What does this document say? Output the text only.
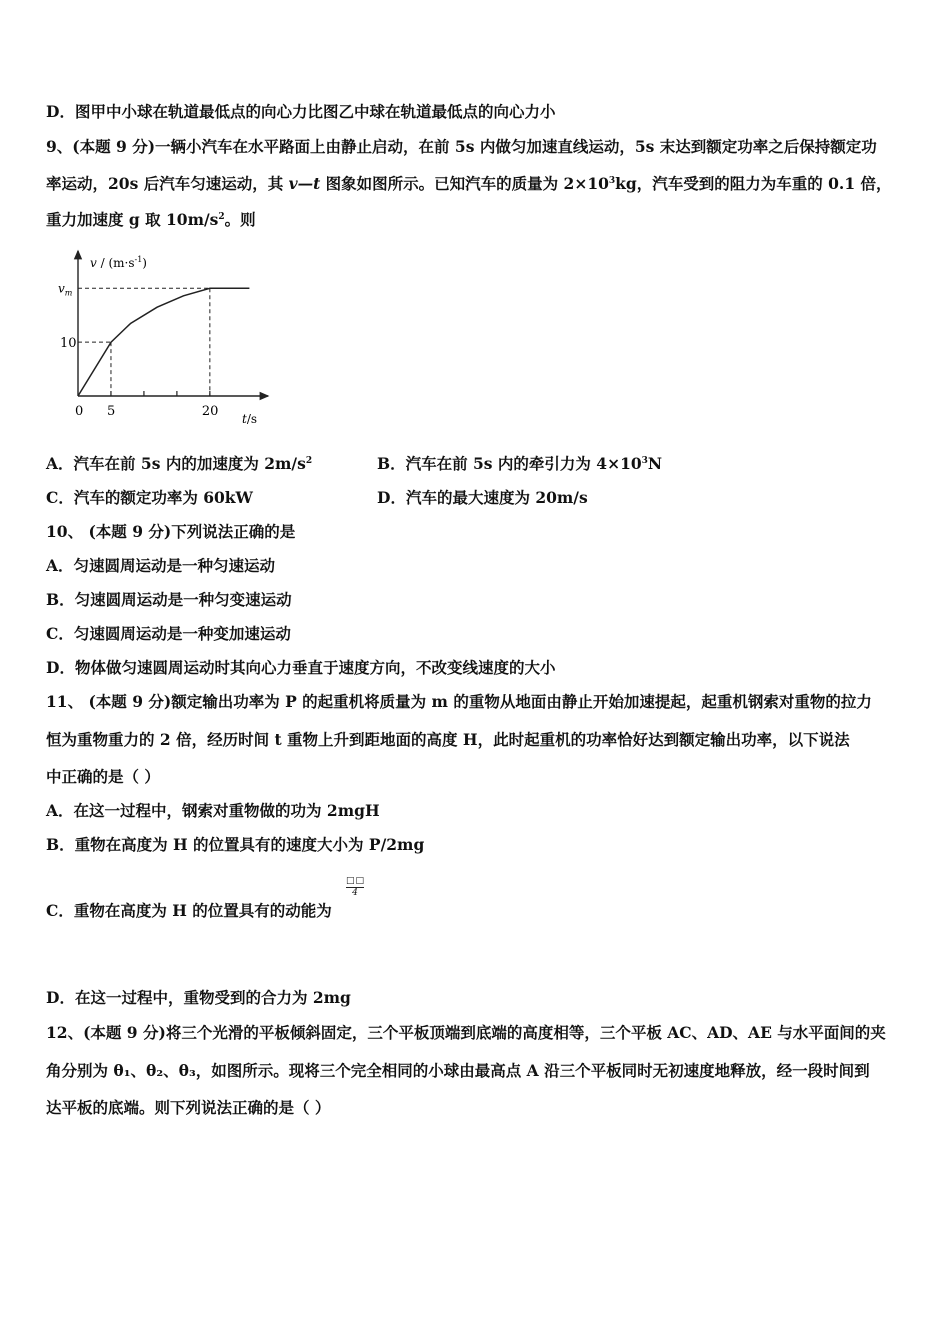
D．图甲中小球在轨道最低点的向心力比图乙中球在轨道最低点的向心力小
9、(本题 9 分)一辆小汽车在水平路面上由静止启动，在前 5s 内做匀加速直线运动，5s 末达到额定功率之后保持额定功
率运动，20s 后汽车匀速运动，其 v—t 图象如图所示。已知汽车的质量为 $2\times 10^3kg$，汽车受到的阻力为车重的 0.1 倍，
重力加速度 g 取 $10m/s^2$。则
$v / (m\cdot s^{-1})$
$v_m$
10
0 5	20 t/s
A．汽车在前 5s 内的加速度为 $2m/s^2$	B．汽车在前 5s 内的牵引力为 $4\times 10^3N$
C．汽车的额定功率为 60kW	D．汽车的最大速度为 20m/s
10、 (本题 9 分)下列说法正确的是
A．匀速圆周运动是一种匀速运动
B．匀速圆周运动是一种匀变速运动
C．匀速圆周运动是一种变加速运动
D．物体做匀速圆周运动时其向心力垂直于速度方向，不改变线速度的大小
11、 (本题 9 分)额定输出功率为 P 的起重机将质量为 m 的重物从地面由静止开始加速提起，起重机钢索对重物的拉力
恒为重物重力的 2 倍，经历时间 t 重物上升到距地面的高度 H，此时起重机的功率恰好达到额定输出功率，以下说法
中正确的是（ ）
A．在这一过程中，钢索对重物做的功为 2mgH
B．重物在高度为 H 的位置具有的速度大小为 P/2mg
C．重物在高度为 H 的位置具有的动能为
□□
4
D．在这一过程中，重物受到的合力为 2mg
12、(本题 9 分)将三个光滑的平板倾斜固定，三个平板顶端到底端的高度相等，三个平板 AC、AD、AE 与水平面间的夹
角分别为 θ₁、θ₂、θ₃，如图所示。现将三个完全相同的小球由最高点 A 沿三个平板同时无初速度地释放，经一段时间到
达平板的底端。则下列说法正确的是（ ）
